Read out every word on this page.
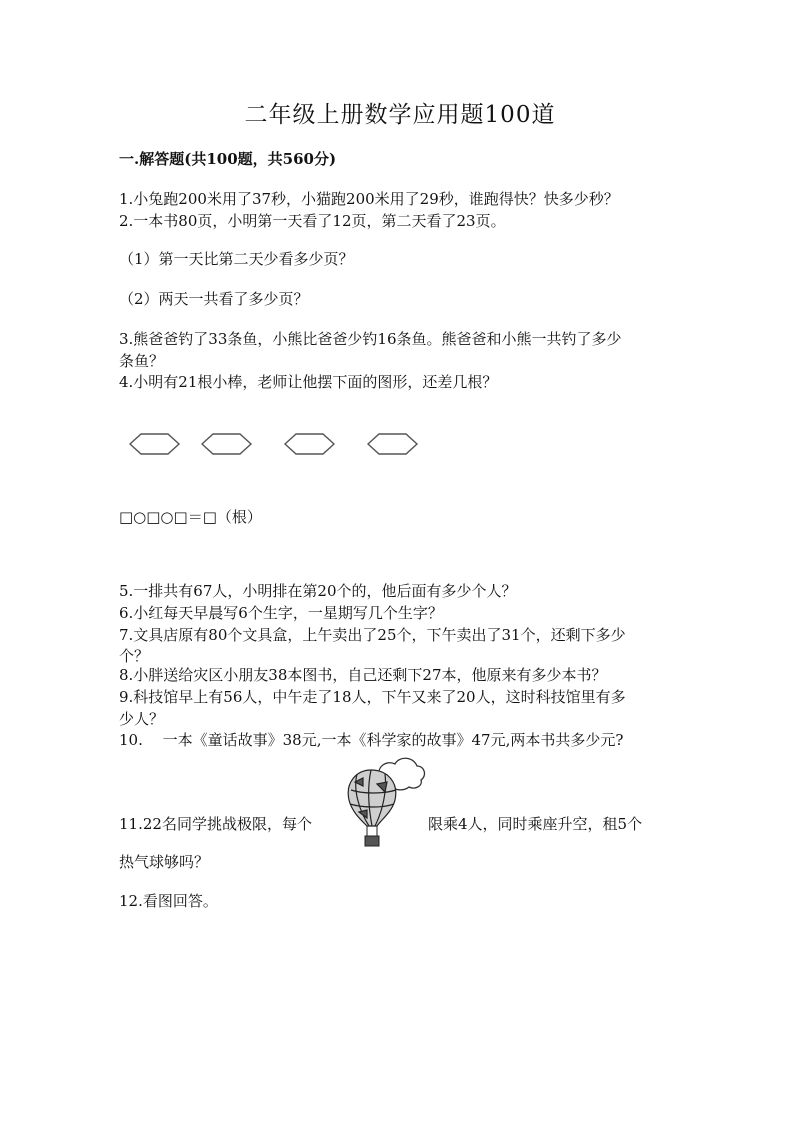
二年级上册数学应用题100道
一.解答题(共100题，共560分)
1.小兔跑200米用了37秒，小猫跑200米用了29秒，谁跑得快？快多少秒？
2.一本书80页，小明第一天看了12页，第二天看了23页。
（1）第一天比第二天少看多少页？
（2）两天一共看了多少页？
3.熊爸爸钓了33条鱼，小熊比爸爸少钓16条鱼。熊爸爸和小熊一共钓了多少
条鱼？
4.小明有21根小棒，老师让他摆下面的图形，还差几根？
□○□○□＝□（根）
5.一排共有67人，小明排在第20个的，他后面有多少个人？
6.小红每天早晨写6个生字，一星期写几个生字？
7.文具店原有80个文具盒，上午卖出了25个，下午卖出了31个，还剩下多少
个？
8.小胖送给灾区小朋友38本图书，自己还剩下27本，他原来有多少本书？
9.科技馆早上有56人，中午走了18人，下午又来了20人，这时科技馆里有多
少人？
10.　 一本《童话故事》38元,一本《科学家的故事》47元,两本书共多少元?
11.22名同学挑战极限，每个	限乘4人，同时乘座升空，租5个
热气球够吗？
12.看图回答。
